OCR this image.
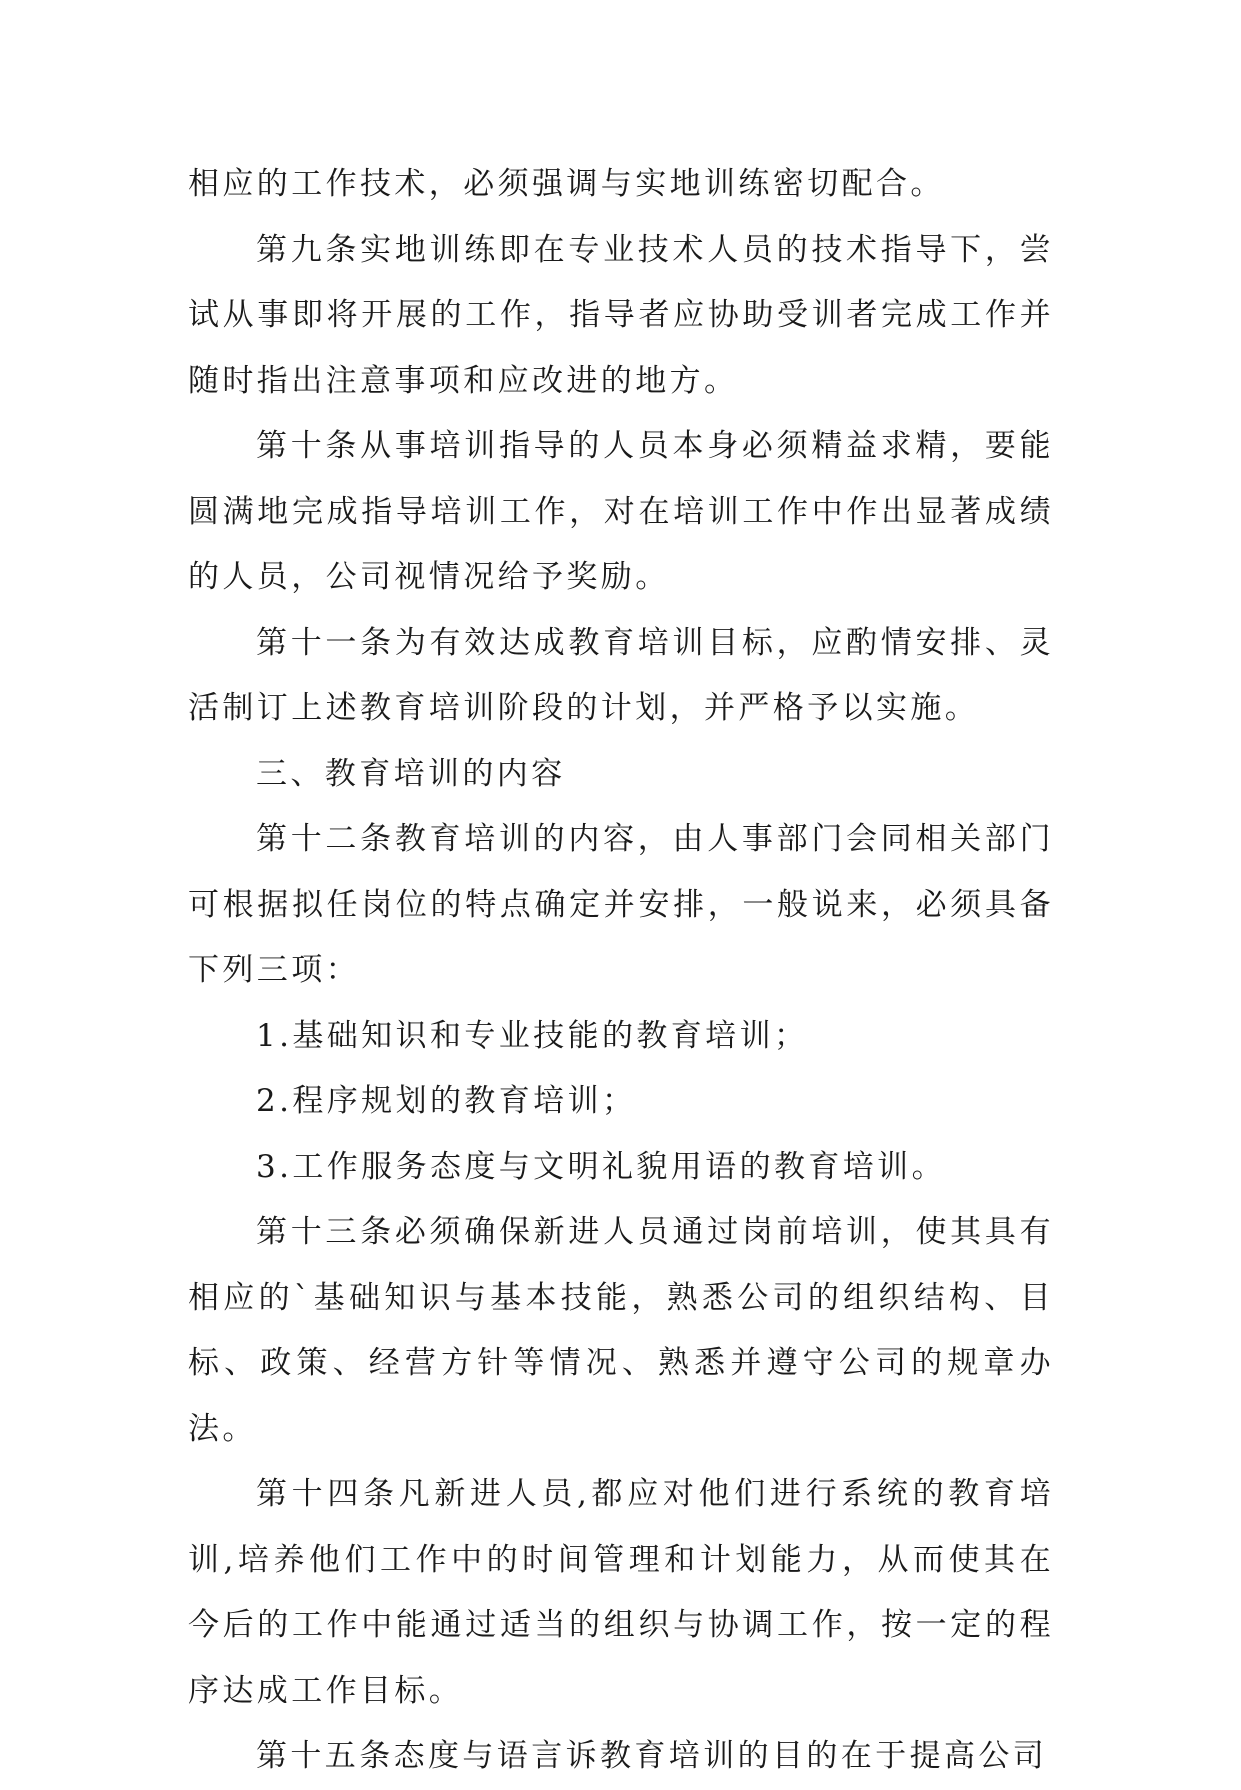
相应的工作技术，必须强调与实地训练密切配合。

第九条实地训练即在专业技术人员的技术指导下，尝试从事即将开展的工作，指导者应协助受训者完成工作并随时指出注意事项和应改进的地方。

第十条从事培训指导的人员本身必须精益求精，要能圆满地完成指导培训工作，对在培训工作中作出显著成绩的人员，公司视情况给予奖励。

第十一条为有效达成教育培训目标，应酌情安排、灵活制订上述教育培训阶段的计划，并严格予以实施。

三、教育培训的内容

第十二条教育培训的内容，由人事部门会同相关部门可根据拟任岗位的特点确定并安排，一般说来，必须具备下列三项：

1.基础知识和专业技能的教育培训；

2.程序规划的教育培训；

3.工作服务态度与文明礼貌用语的教育培训。

第十三条必须确保新进人员通过岗前培训，使其具有相应的`基础知识与基本技能，熟悉公司的组织结构、目标、政策、经营方针等情况、熟悉并遵守公司的规章办法。

第十四条凡新进人员,都应对他们进行系统的教育培训,培养他们工作中的时间管理和计划能力，从而使其在今后的工作中能通过适当的组织与协调工作，按一定的程序达成工作目标。

第十五条态度与语言诉教育培训的目的在于提高公司
